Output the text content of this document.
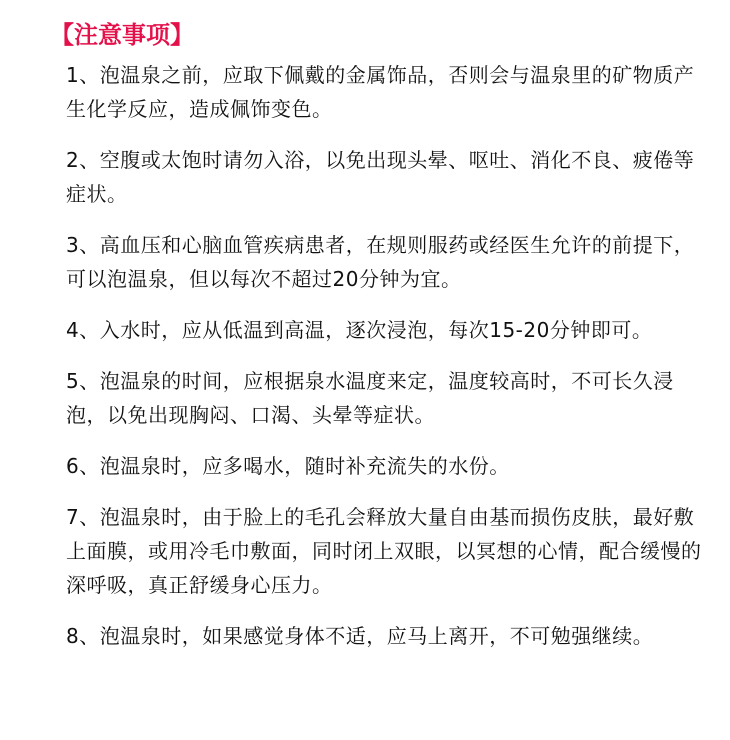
【注意事项】

1、泡温泉之前，应取下佩戴的金属饰品，否则会与温泉里的矿物质产生化学反应，造成佩饰变色。

2、空腹或太饱时请勿入浴，以免出现头晕、呕吐、消化不良、疲倦等症状。

3、高血压和心脑血管疾病患者，在规则服药或经医生允许的前提下，可以泡温泉，但以每次不超过20分钟为宜。

4、入水时，应从低温到高温，逐次浸泡，每次15-20分钟即可。

5、泡温泉的时间，应根据泉水温度来定，温度较高时，不可长久浸泡，以免出现胸闷、口渴、头晕等症状。

6、泡温泉时，应多喝水，随时补充流失的水份。

7、泡温泉时，由于脸上的毛孔会释放大量自由基而损伤皮肤，最好敷上面膜，或用冷毛巾敷面，同时闭上双眼，以冥想的心情，配合缓慢的深呼吸，真正舒缓身心压力。

8、泡温泉时，如果感觉身体不适，应马上离开，不可勉强继续。
